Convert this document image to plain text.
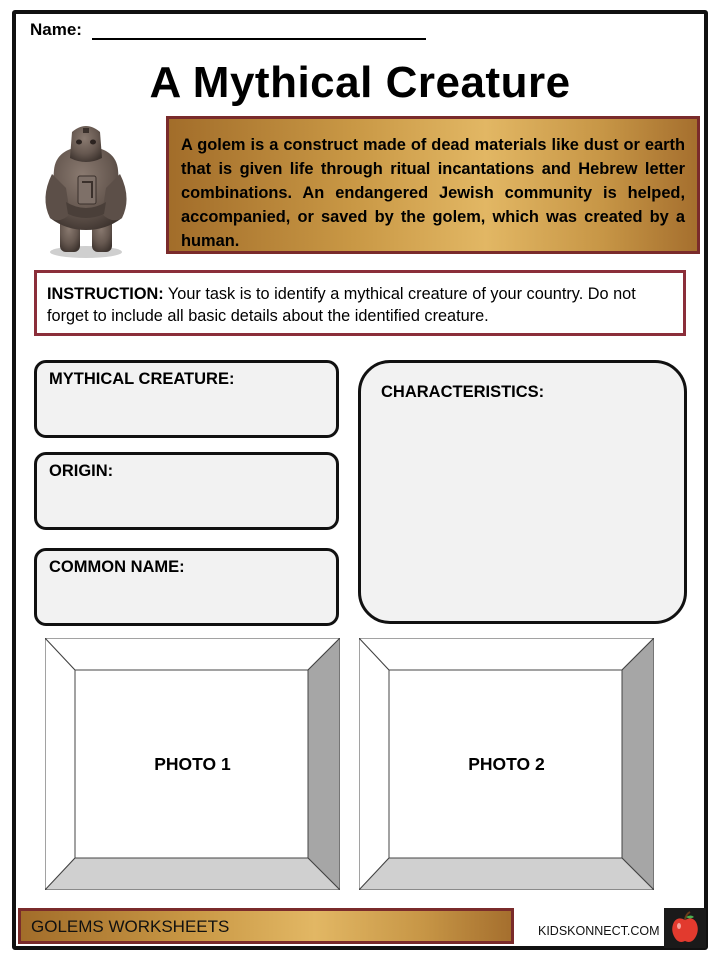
Name:
A Mythical Creature
A golem is a construct made of dead materials like dust or earth that is given life through ritual incantations and Hebrew letter combinations. An endangered Jewish community is helped, accompanied, or saved by the golem, which was created by a human.
INSTRUCTION: Your task is to identify a mythical creature of your country. Do not forget to include all basic details about the identified creature.
MYTHICAL CREATURE:
ORIGIN:
COMMON NAME:
CHARACTERISTICS:
PHOTO 1	PHOTO 2
GOLEMS WORKSHEETS	KIDSKONNECT.COM
